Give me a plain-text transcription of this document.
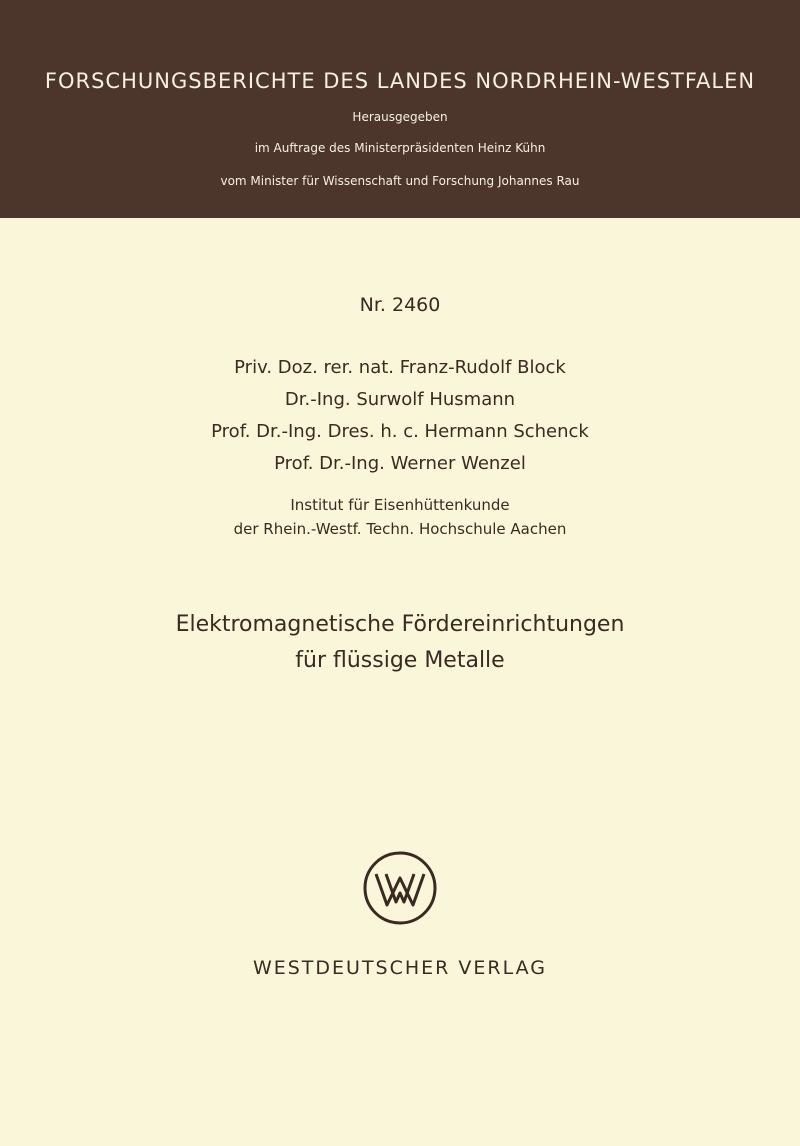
FORSCHUNGSBERICHTE DES LANDES NORDRHEIN-WESTFALEN
Herausgegeben
im Auftrage des Ministerpräsidenten Heinz Kühn
vom Minister für Wissenschaft und Forschung Johannes Rau
Nr. 2460
Priv. Doz. rer. nat. Franz-Rudolf Block
Dr.-Ing. Surwolf Husmann
Prof. Dr.-Ing. Dres. h. c. Hermann Schenck
Prof. Dr.-Ing. Werner Wenzel
Institut für Eisenhüttenkunde
der Rhein.-Westf. Techn. Hochschule Aachen
Elektromagnetische Fördereinrichtungen
für flüssige Metalle
WESTDEUTSCHER VERLAG
